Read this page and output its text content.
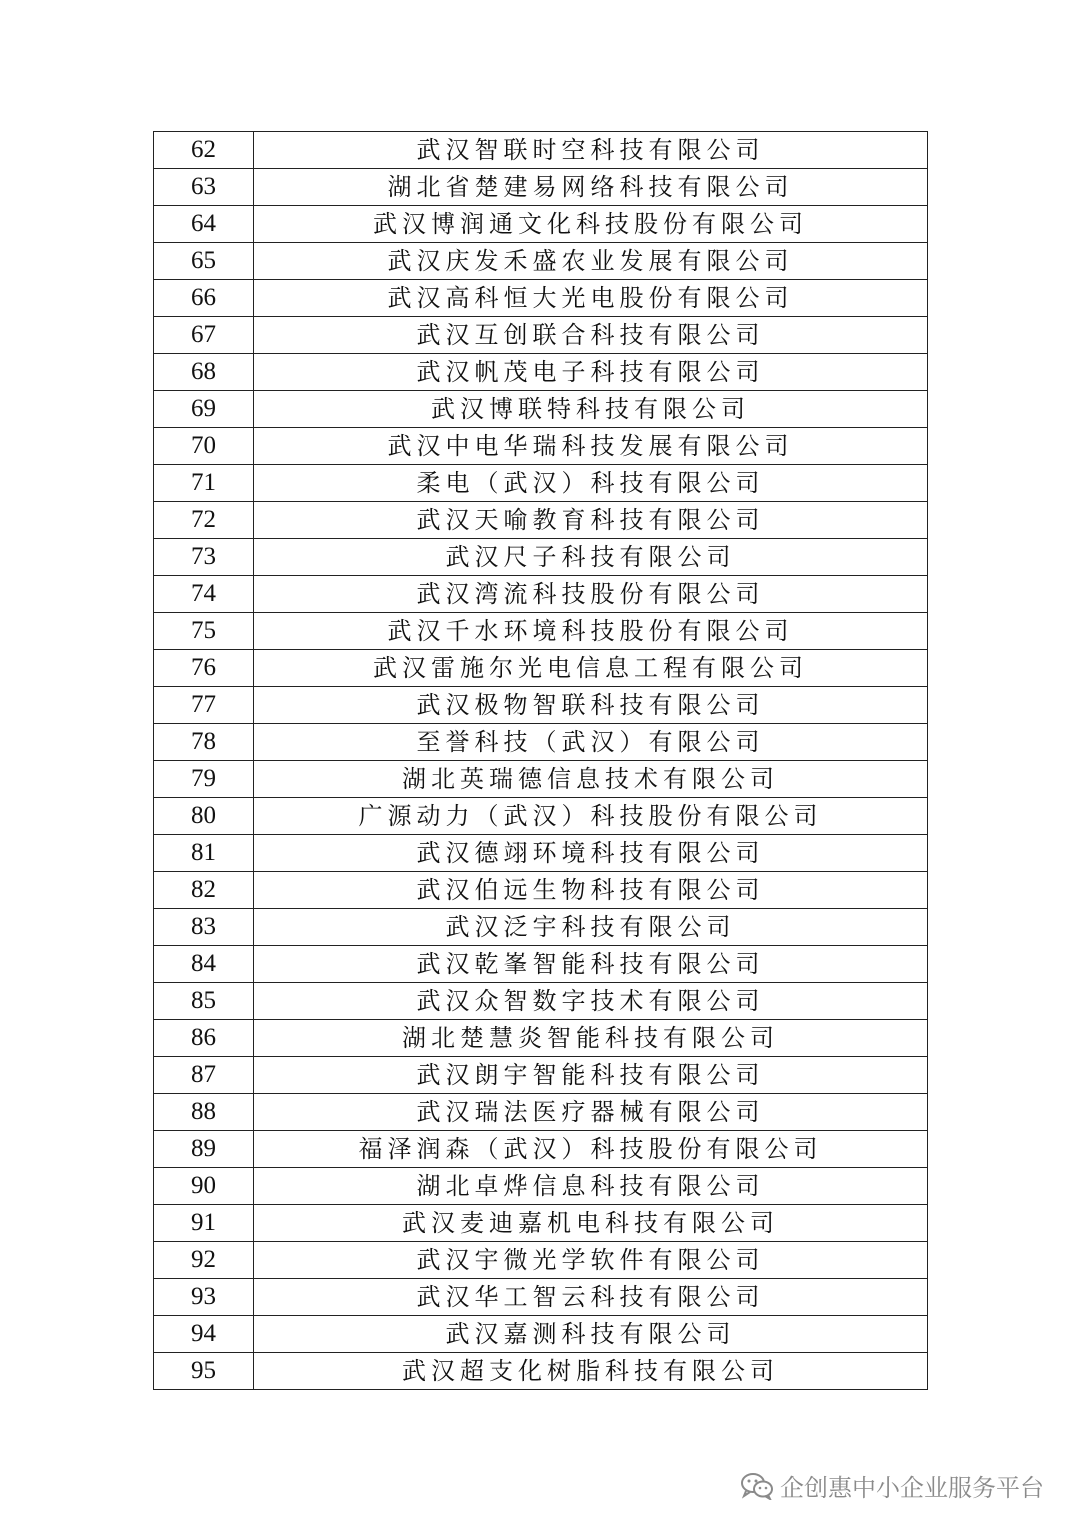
62	武汉智联时空科技有限公司
63	湖北省楚建易网络科技有限公司
64	武汉博润通文化科技股份有限公司
65	武汉庆发禾盛农业发展有限公司
66	武汉高科恒大光电股份有限公司
67	武汉互创联合科技有限公司
68	武汉帆茂电子科技有限公司
69	武汉博联特科技有限公司
70	武汉中电华瑞科技发展有限公司
71	柔电（武汉）科技有限公司
72	武汉天喻教育科技有限公司
73	武汉尺子科技有限公司
74	武汉湾流科技股份有限公司
75	武汉千水环境科技股份有限公司
76	武汉雷施尔光电信息工程有限公司
77	武汉极物智联科技有限公司
78	至誉科技（武汉）有限公司
79	湖北英瑞德信息技术有限公司
80	广源动力（武汉）科技股份有限公司
81	武汉德翊环境科技有限公司
82	武汉伯远生物科技有限公司
83	武汉泛宇科技有限公司
84	武汉乾峯智能科技有限公司
85	武汉众智数字技术有限公司
86	湖北楚慧炎智能科技有限公司
87	武汉朗宇智能科技有限公司
88	武汉瑞法医疗器械有限公司
89	福泽润森（武汉）科技股份有限公司
90	湖北卓烨信息科技有限公司
91	武汉麦迪嘉机电科技有限公司
92	武汉宇微光学软件有限公司
93	武汉华工智云科技有限公司
94	武汉嘉测科技有限公司
95	武汉超支化树脂科技有限公司
企创惠中小企业服务平台
